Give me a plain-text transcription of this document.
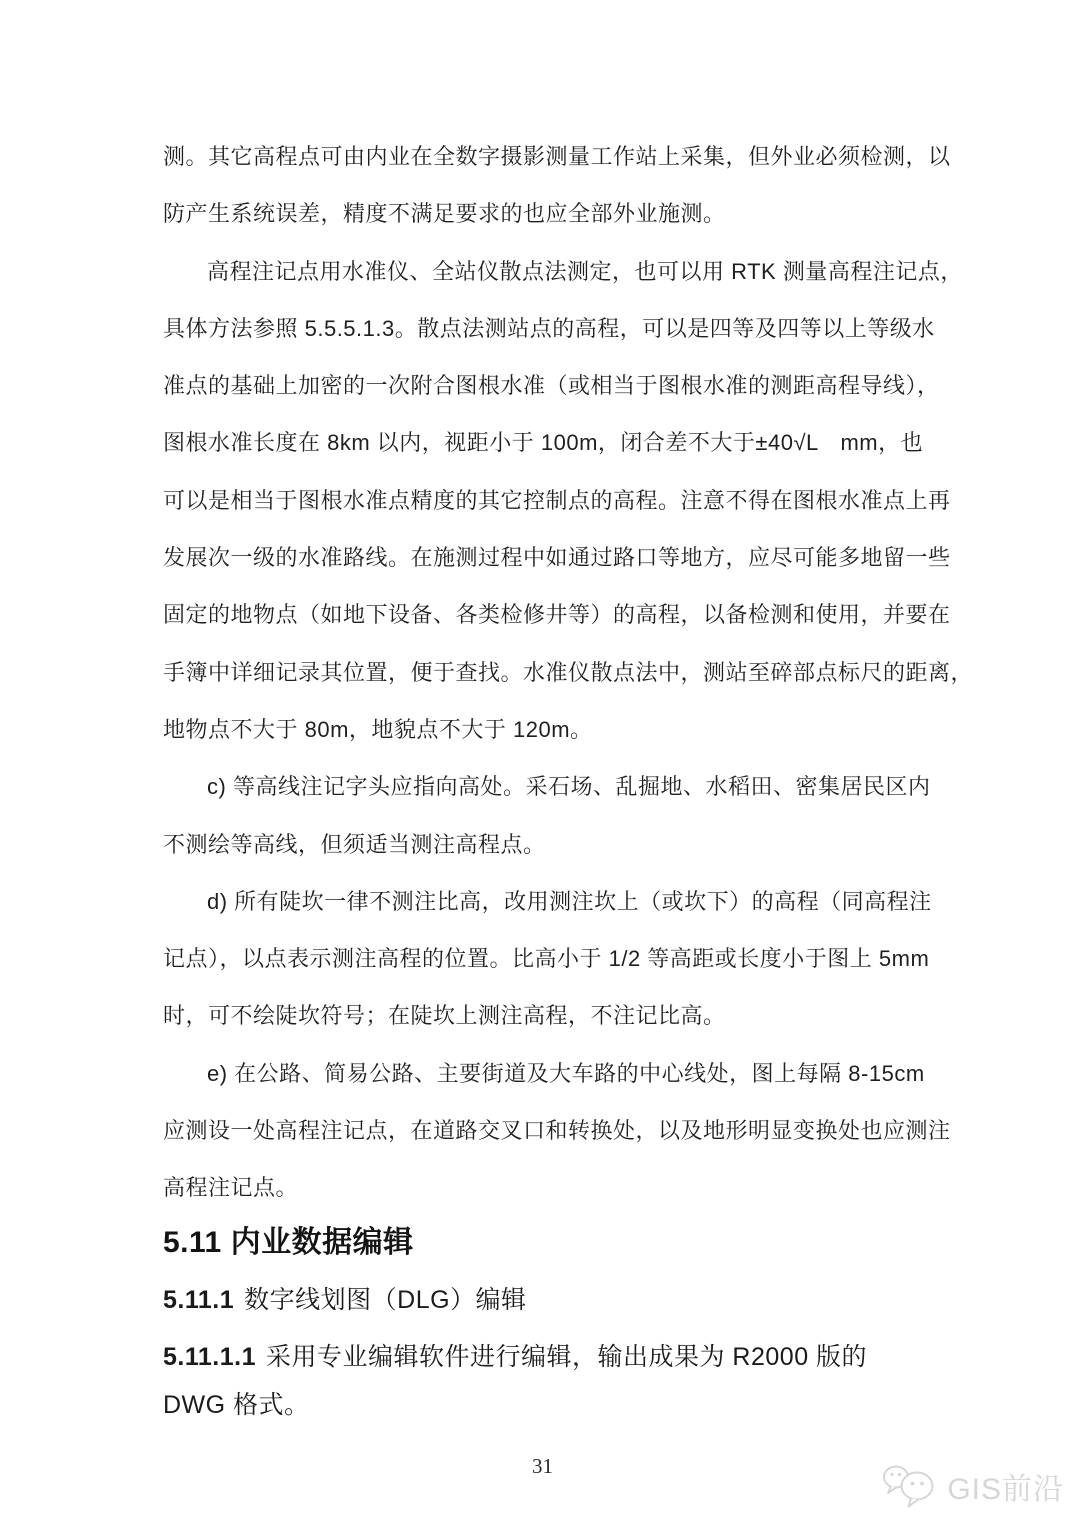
测。其它高程点可由内业在全数字摄影测量工作站上采集，但外业必须检测，以
防产生系统误差，精度不满足要求的也应全部外业施测。

高程注记点用水准仪、全站仪散点法测定，也可以用 RTK 测量高程注记点，
具体方法参照 5.5.5.1.3。散点法测站点的高程，可以是四等及四等以上等级水
准点的基础上加密的一次附合图根水准（或相当于图根水准的测距高程导线），
图根水准长度在 8km 以内，视距小于 100m，闭合差不大于±40√L　mm，也
可以是相当于图根水准点精度的其它控制点的高程。注意不得在图根水准点上再
发展次一级的水准路线。在施测过程中如通过路口等地方，应尽可能多地留一些
固定的地物点（如地下设备、各类检修井等）的高程，以备检测和使用，并要在
手簿中详细记录其位置，便于查找。水准仪散点法中，测站至碎部点标尺的距离，
地物点不大于 80m，地貌点不大于 120m。

c) 等高线注记字头应指向高处。采石场、乱掘地、水稻田、密集居民区内
不测绘等高线，但须适当测注高程点。

d) 所有陡坎一律不测注比高，改用测注坎上（或坎下）的高程（同高程注
记点），以点表示测注高程的位置。比高小于 1/2 等高距或长度小于图上 5mm
时，可不绘陡坎符号；在陡坎上测注高程，不注记比高。

e) 在公路、简易公路、主要街道及大车路的中心线处，图上每隔 8-15cm
应测设一处高程注记点，在道路交叉口和转换处，以及地形明显变换处也应测注
高程注记点。

5.11 内业数据编辑
5.11.1 数字线划图（DLG）编辑
5.11.1.1 采用专业编辑软件进行编辑，输出成果为 R2000 版的 DWG 格式。
31
GIS前沿
